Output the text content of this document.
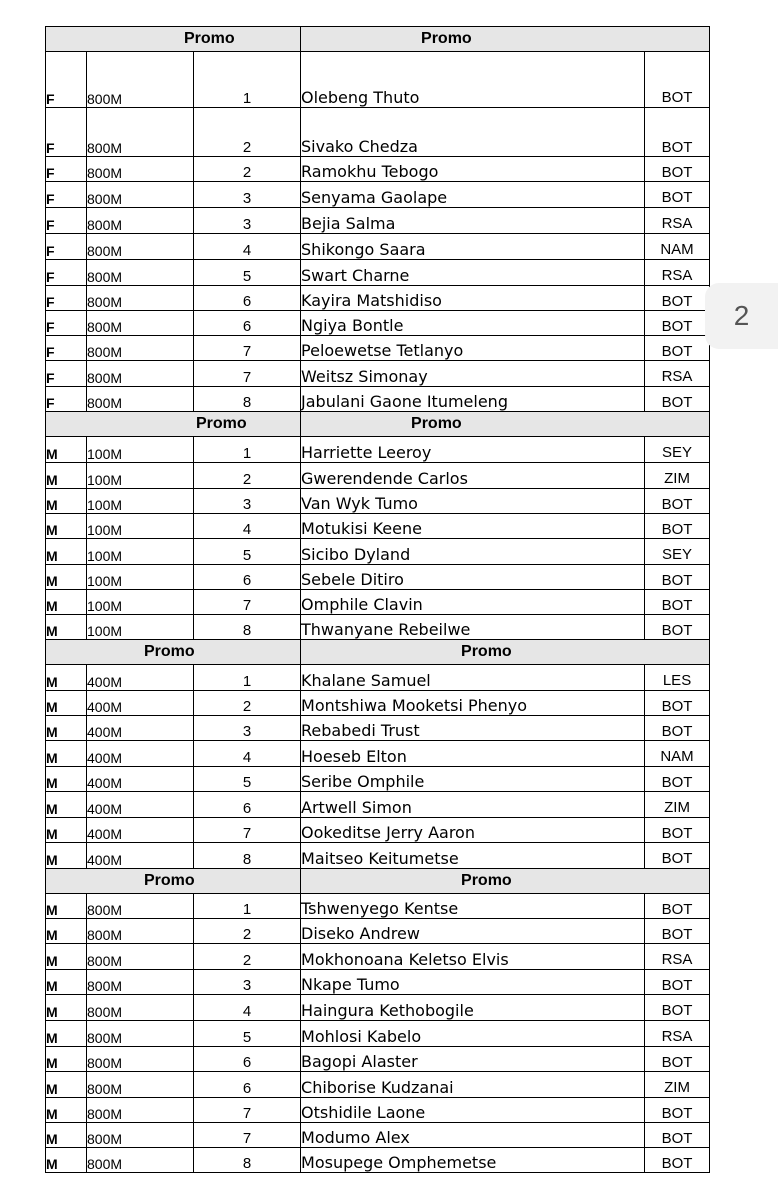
Promo			Promo	
F	800M	1	Olebeng Thuto	BOT
F	800M	2	Sivako Chedza	BOT
F	800M	2	Ramokhu Tebogo	BOT
F	800M	3	Senyama Gaolape	BOT
F	800M	3	Bejia Salma	RSA
F	800M	4	Shikongo Saara	NAM
F	800M	5	Swart Charne	RSA
F	800M	6	Kayira Matshidiso	BOT
F	800M	6	Ngiya Bontle	BOT
F	800M	7	Peloewetse Tetlanyo	BOT
F	800M	7	Weitsz Simonay	RSA
F	800M	8	Jabulani Gaone Itumeleng	BOT
Promo			Promo	
M	100M	1	Harriette Leeroy	SEY
M	100M	2	Gwerendende Carlos	ZIM
M	100M	3	Van Wyk Tumo	BOT
M	100M	4	Motukisi Keene	BOT
M	100M	5	Sicibo Dyland	SEY
M	100M	6	Sebele Ditiro	BOT
M	100M	7	Omphile Clavin	BOT
M	100M	8	Thwanyane Rebeilwe	BOT
Promo			Promo	
M	400M	1	Khalane Samuel	LES
M	400M	2	Montshiwa Mooketsi Phenyo	BOT
M	400M	3	Rebabedi Trust	BOT
M	400M	4	Hoeseb Elton	NAM
M	400M	5	Seribe Omphile	BOT
M	400M	6	Artwell Simon	ZIM
M	400M	7	Ookeditse Jerry Aaron	BOT
M	400M	8	Maitseo Keitumetse	BOT
Promo			Promo	
M	800M	1	Tshwenyego Kentse	BOT
M	800M	2	Diseko Andrew	BOT
M	800M	2	Mokhonoana Keletso Elvis	RSA
M	800M	3	Nkape Tumo	BOT
M	800M	4	Haingura Kethobogile	BOT
M	800M	5	Mohlosi Kabelo	RSA
M	800M	6	Bagopi Alaster	BOT
M	800M	6	Chiborise Kudzanai	ZIM
M	800M	7	Otshidile Laone	BOT
M	800M	7	Modumo Alex	BOT
M	800M	8	Mosupege Omphemetse	BOT
2
